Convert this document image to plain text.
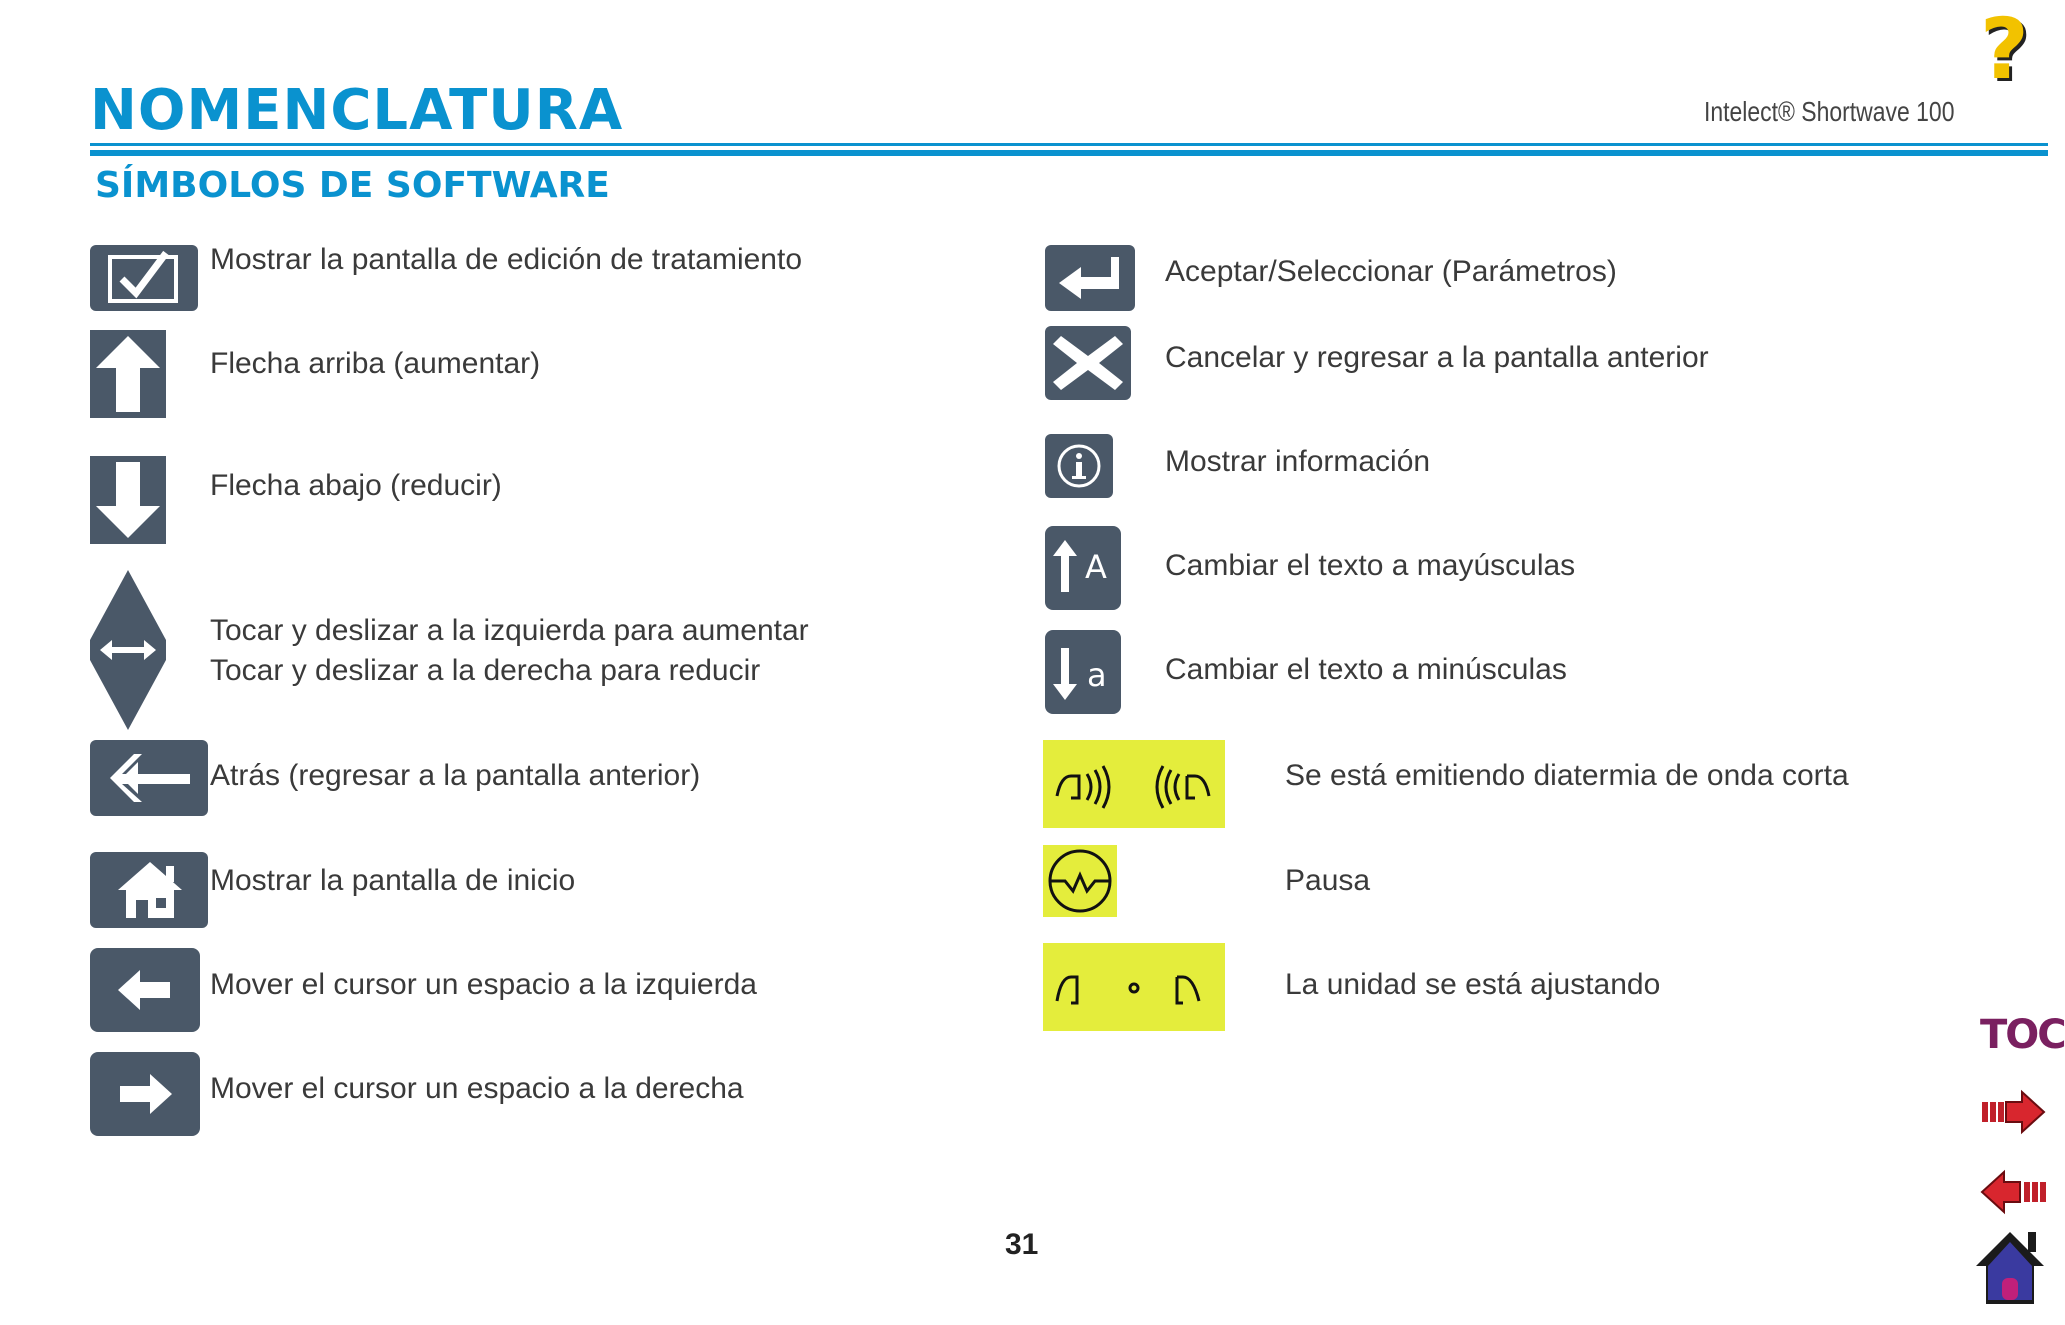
NOMENCLATURA	Intelect® Shortwave 100
SÍMBOLOS DE SOFTWARE
Mostrar la pantalla de edición de tratamiento
Flecha arriba (aumentar)
Flecha abajo (reducir)
Tocar y deslizar a la izquierda para aumentar
Tocar y deslizar a la derecha para reducir
Atrás (regresar a la pantalla anterior)
Mostrar la pantalla de inicio
Mover el cursor un espacio a la izquierda
Mover el cursor un espacio a la derecha
Aceptar/Seleccionar (Parámetros)
Cancelar y regresar a la pantalla anterior
Mostrar información
A Cambiar el texto a mayúsculas
a Cambiar el texto a minúsculas
Se está emitiendo diatermia de onda corta
Pausa
La unidad se está ajustando
31
?
TOC
